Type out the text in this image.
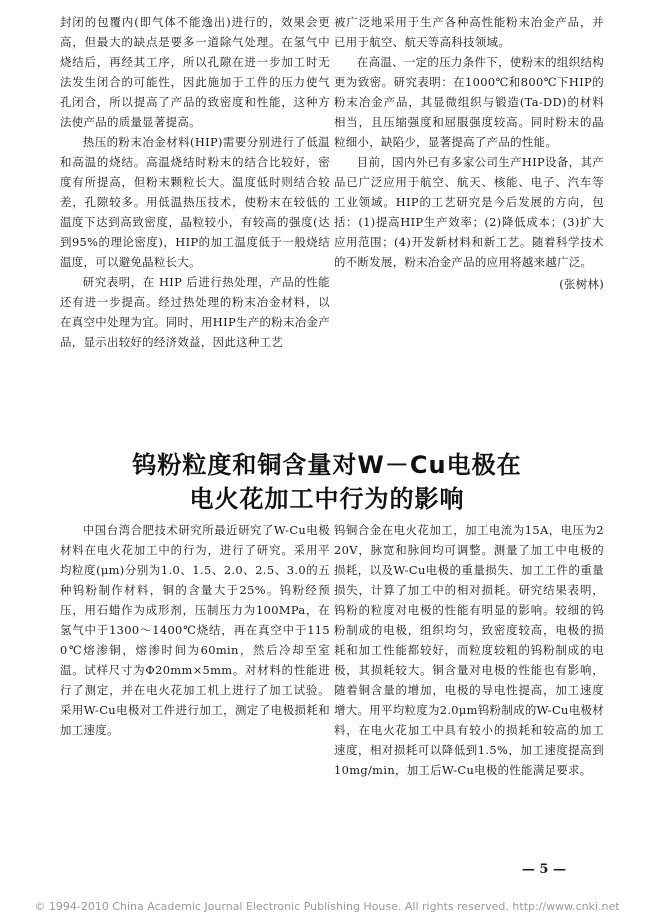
封闭的包覆内(即气体不能逸出)进行的，效果会更高，但最大的缺点是要多一道除气处理。在氢气中烧结后，再经其工序，所以孔隙在进一步加工时无法发生闭合的可能性，因此施加于工件的压力使气孔闭合，所以提高了产品的致密度和性能，这种方法使产品的质量显著提高。

热压的粉末冶金材料(HIP)需要分别进行了低温和高温的烧结。高温烧结时粉末的结合比较好，密度有所提高，但粉末颗粒长大。温度低时则结合较差，孔隙较多。用低温热压技术，使粉末在较低的温度下达到高致密度，晶粒较小，有较高的强度(达到95%的理论密度)，HIP的加工温度低于一般烧结温度，可以避免晶粒长大。

研究表明，在 HIP 后进行热处理，产品的性能还有进一步提高。经过热处理的粉末冶金材料，以在真空中处理为宜。同时，用HIP生产的粉末冶金产品，显示出较好的经济效益，因此这种工艺

被广泛地采用于生产各种高性能粉末冶金产品，并已用于航空、航天等高科技领域。

在高温、一定的压力条件下，使粉末的组织结构更为致密。研究表明：在1000℃和800℃下HIP的粉末冶金产品，其显微组织与锻造(Ta-DD)的材料相当，且压缩强度和屈服强度较高。同时粉末的晶粒细小，缺陷少，显著提高了产品的性能。

目前，国内外已有多家公司生产HIP设备，其产品已广泛应用于航空、航天、核能、电子、汽车等工业领域。HIP的工艺研究是今后发展的方向，包括：(1)提高HIP生产效率；(2)降低成本；(3)扩大应用范围；(4)开发新材料和新工艺。随着科学技术的不断发展，粉末冶金产品的应用将越来越广泛。

(张树林)

钨粉粒度和铜含量对W－Cu电极在
电火花加工中行为的影响

中国台湾合肥技术研究所最近研究了W-Cu电极材料在电火花加工中的行为，进行了研究。采用平均粒度(μm)分别为1.0、1.5、2.0、2.5、3.0的五种钨粉制作材料，铜的含量大于25%。钨粉经预压，用石蜡作为成形剂，压制压力为100MPa，在氢气中于1300～1400℃烧结，再在真空中于1150℃熔渗铜，熔渗时间为60min，然后冷却至室温。试样尺寸为Φ20mm×5mm。对材料的性能进行了测定，并在电火花加工机上进行了加工试验。采用W-Cu电极对工件进行加工，测定了电极损耗和加工速度。

钨铜合金在电火花加工，加工电流为15A，电压为220V，脉宽和脉间均可调整。测量了加工中电极的损耗，以及W-Cu电极的重量损失、加工工件的重量损失，计算了加工中的相对损耗。研究结果表明，钨粉的粒度对电极的性能有明显的影响。较细的钨粉制成的电极，组织均匀，致密度较高，电极的损耗和加工性能都较好，而粒度较粗的钨粉制成的电极，其损耗较大。铜含量对电极的性能也有影响，随着铜含量的增加，电极的导电性提高，加工速度增大。用平均粒度为2.0μm钨粉制成的W-Cu电极材料，在电火花加工中具有较小的损耗和较高的加工速度，相对损耗可以降低到1.5%，加工速度提高到10mg/min，加工后W-Cu电极的性能满足要求。

— 5 —
© 1994-2010 China Academic Journal Electronic Publishing House. All rights reserved. http://www.cnki.net
